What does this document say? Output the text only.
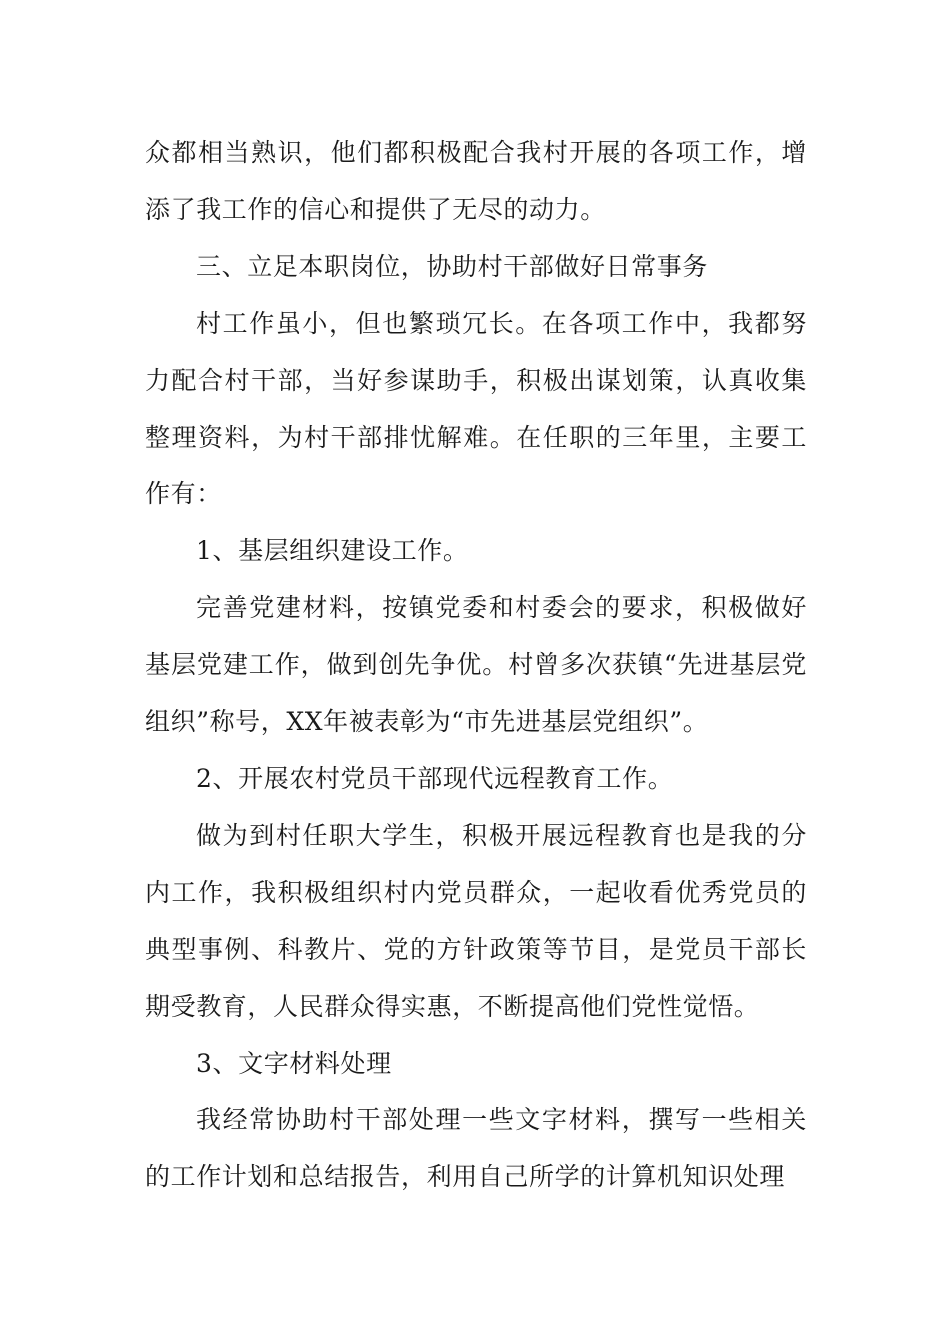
众都相当熟识，他们都积极配合我村开展的各项工作，增添了我工作的信心和提供了无尽的动力。

三、立足本职岗位，协助村干部做好日常事务

村工作虽小，但也繁琐冗长。在各项工作中，我都努力配合村干部，当好参谋助手，积极出谋划策，认真收集整理资料，为村干部排忧解难。在任职的三年里，主要工作有：

1、基层组织建设工作。

完善党建材料，按镇党委和村委会的要求，积极做好基层党建工作，做到创先争优。村曾多次获镇“先进基层党组织”称号，XX年被表彰为“市先进基层党组织”。

2、开展农村党员干部现代远程教育工作。

做为到村任职大学生，积极开展远程教育也是我的分内工作，我积极组织村内党员群众，一起收看优秀党员的典型事例、科教片、党的方针政策等节目，是党员干部长期受教育，人民群众得实惠，不断提高他们党性觉悟。

3、文字材料处理

我经常协助村干部处理一些文字材料，撰写一些相关的工作计划和总结报告，利用自己所学的计算机知识处理
